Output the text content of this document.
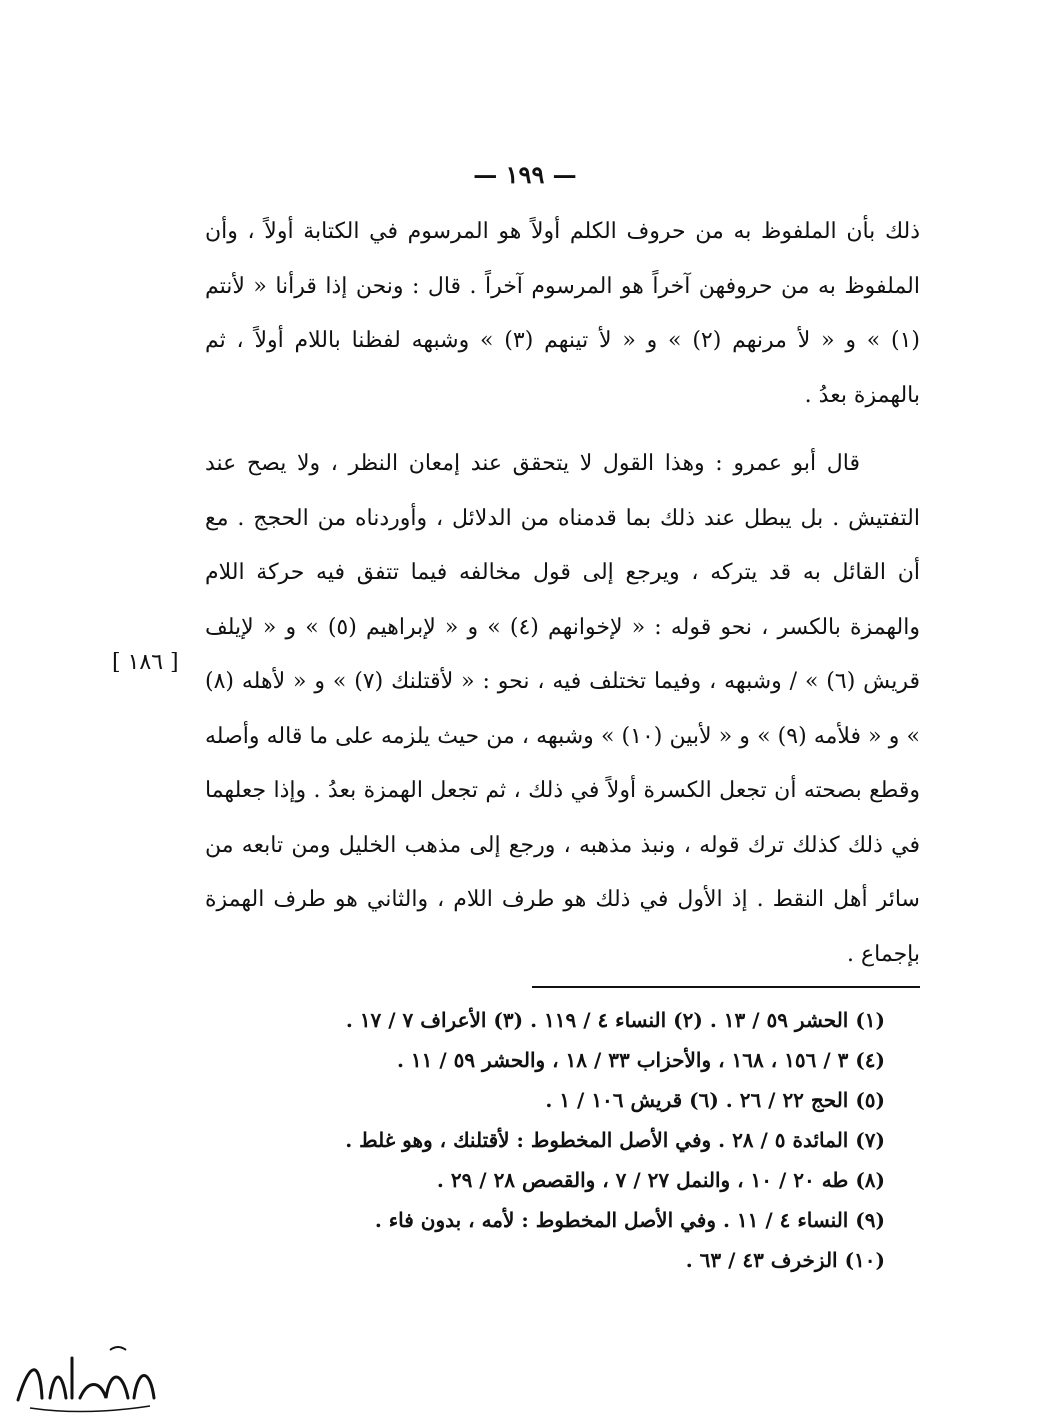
— ١٩٩ —

ذلك بأن الملفوظ به من حروف الكلم أولاً هو المرسوم في الكتابة أولاً ، وأن الملفوظ به من حروفهن آخراً هو المرسوم آخراً . قال : ونحن إذا قرأنا « لأنتم (١) » و « لأ مرنهم (٢) » و « لأ تينهم (٣) » وشبهه لفظنا باللام أولاً ، ثم بالهمزة بعدُ .

قال أبو عمرو : وهذا القول لا يتحقق عند إمعان النظر ، ولا يصح عند التفتيش . بل يبطل عند ذلك بما قدمناه من الدلائل ، وأوردناه من الحجج . مع أن القائل به قد يتركه ، ويرجع إلى قول مخالفه فيما تتفق فيه حركة اللام والهمزة بالكسر ، نحو قوله : « لإخوانهم (٤) » و « لإبراهيم (٥) » و « لإيلف قريش (٦) » / وشبهه ، وفيما تختلف فيه ، نحو : « لأقتلنك (٧) » و « لأهله (٨) » و « فلأمه (٩) » و « لأبين (١٠) » وشبهه ، من حيث يلزمه على ما قاله وأصله وقطع بصحته أن تجعل الكسرة أولاً في ذلك ، ثم تجعل الهمزة بعدُ . وإذا جعلهما في ذلك كذلك ترك قوله ، ونبذ مذهبه ، ورجع إلى مذهب الخليل ومن تابعه من سائر أهل النقط . إذ الأول في ذلك هو طرف اللام ، والثاني هو طرف الهمزة بإجماع .

[ ١٨٦ ]

(١) الحشر ٥٩ / ١٣ . (٢) النساء ٤ / ١١٩ . (٣) الأعراف ٧ / ١٧ .

(٤) ٣ / ١٥٦ ، ١٦٨ ، والأحزاب ٣٣ / ١٨ ، والحشر ٥٩ / ١١ .

(٥) الحج ٢٢ / ٢٦ . (٦) قريش ١٠٦ / ١ .

(٧) المائدة ٥ / ٢٨ . وفي الأصل المخطوط : لأقتلنك ، وهو غلط .

(٨) طه ٢٠ / ١٠ ، والنمل ٢٧ / ٧ ، والقصص ٢٨ / ٢٩ .

(٩) النساء ٤ / ١١ . وفي الأصل المخطوط : لأمه ، بدون فاء .

(١٠) الزخرف ٤٣ / ٦٣ .
